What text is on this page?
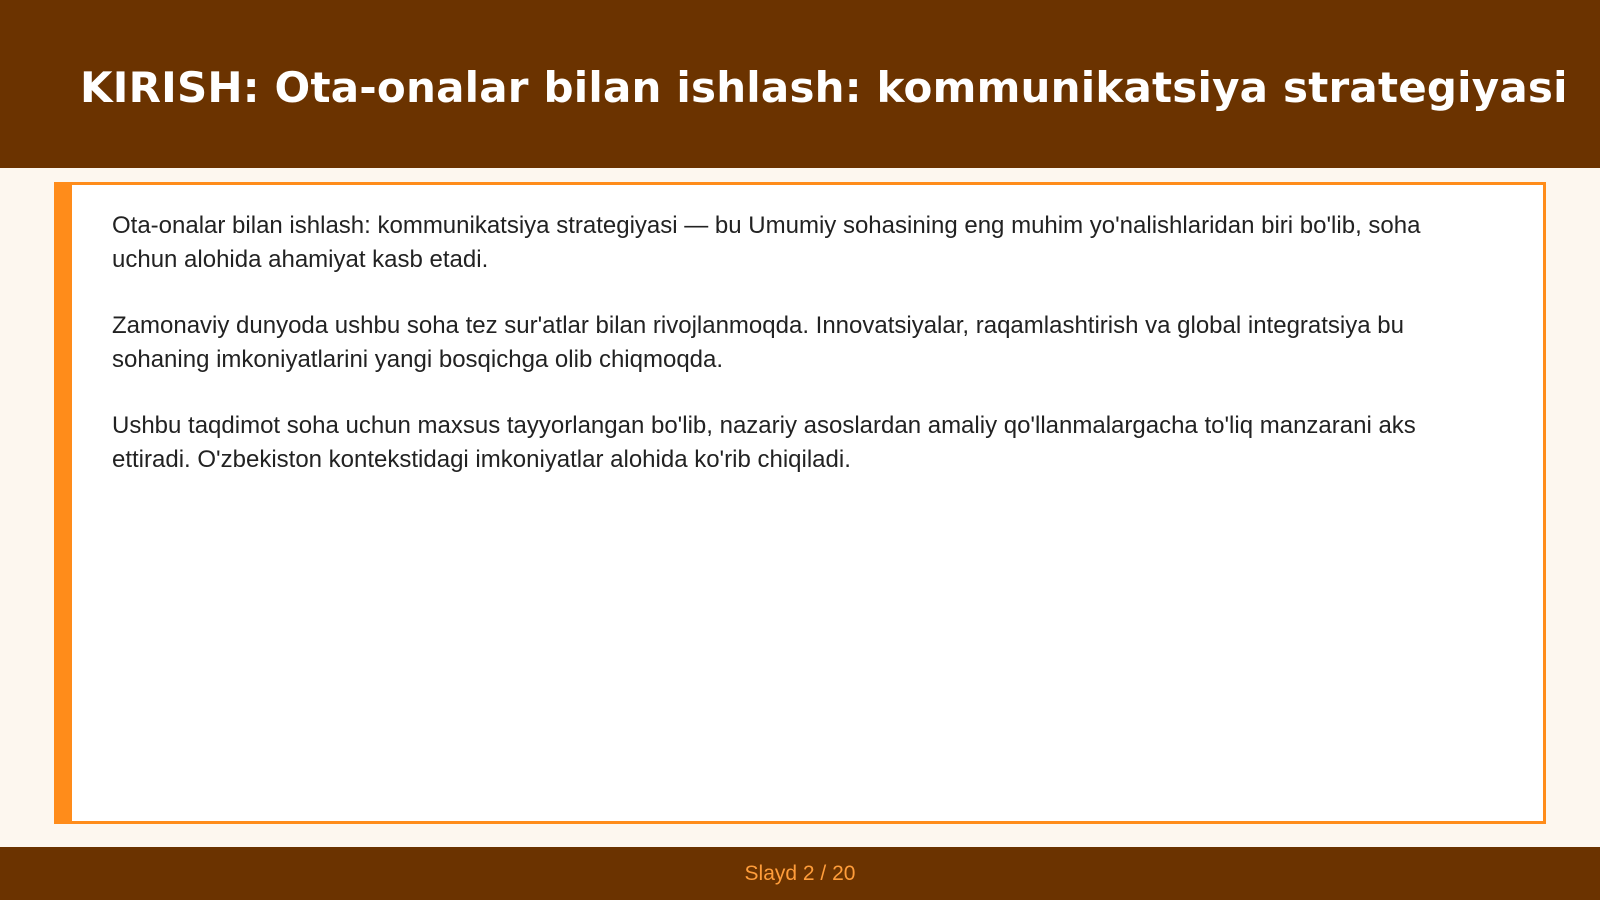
KIRISH: Ota-onalar bilan ishlash: kommunikatsiya strategiyasi

Ota-onalar bilan ishlash: kommunikatsiya strategiyasi — bu Umumiy sohasining eng muhim yo'nalishlaridan biri bo'lib, soha uchun alohida ahamiyat kasb etadi.

Zamonaviy dunyoda ushbu soha tez sur'atlar bilan rivojlanmoqda. Innovatsiyalar, raqamlashtirish va global integratsiya bu sohaning imkoniyatlarini yangi bosqichga olib chiqmoqda.

Ushbu taqdimot soha uchun maxsus tayyorlangan bo'lib, nazariy asoslardan amaliy qo'llanmalargacha to'liq manzarani aks ettiradi. O'zbekiston kontekstidagi imkoniyatlar alohida ko'rib chiqiladi.

Slayd 2 / 20
